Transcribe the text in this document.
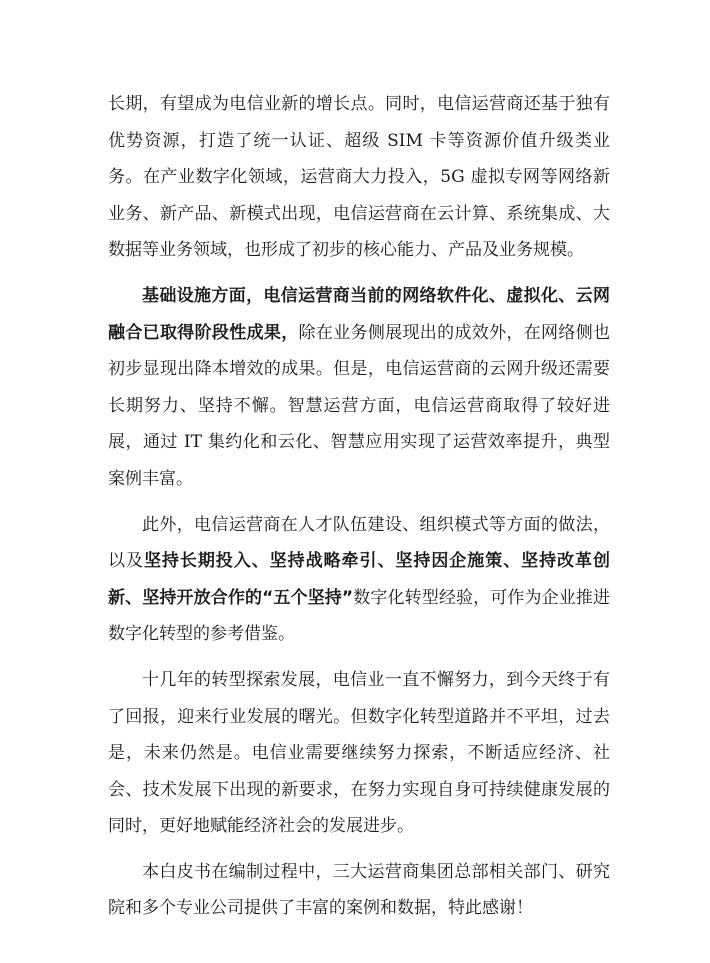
长期，有望成为电信业新的增长点。同时，电信运营商还基于独有优势资源，打造了统一认证、超级 SIM 卡等资源价值升级类业务。在产业数字化领域，运营商大力投入，5G 虚拟专网等网络新业务、新产品、新模式出现，电信运营商在云计算、系统集成、大数据等业务领域，也形成了初步的核心能力、产品及业务规模。

基础设施方面，电信运营商当前的网络软件化、虚拟化、云网融合已取得阶段性成果，除在业务侧展现出的成效外，在网络侧也初步显现出降本增效的成果。但是，电信运营商的云网升级还需要长期努力、坚持不懈。智慧运营方面，电信运营商取得了较好进展，通过 IT 集约化和云化、智慧应用实现了运营效率提升，典型案例丰富。

此外，电信运营商在人才队伍建设、组织模式等方面的做法，以及坚持长期投入、坚持战略牵引、坚持因企施策、坚持改革创新、坚持开放合作的“五个坚持”数字化转型经验，可作为企业推进数字化转型的参考借鉴。

十几年的转型探索发展，电信业一直不懈努力，到今天终于有了回报，迎来行业发展的曙光。但数字化转型道路并不平坦，过去是，未来仍然是。电信业需要继续努力探索，不断适应经济、社会、技术发展下出现的新要求，在努力实现自身可持续健康发展的同时，更好地赋能经济社会的发展进步。

本白皮书在编制过程中，三大运营商集团总部相关部门、研究院和多个专业公司提供了丰富的案例和数据，特此感谢！
